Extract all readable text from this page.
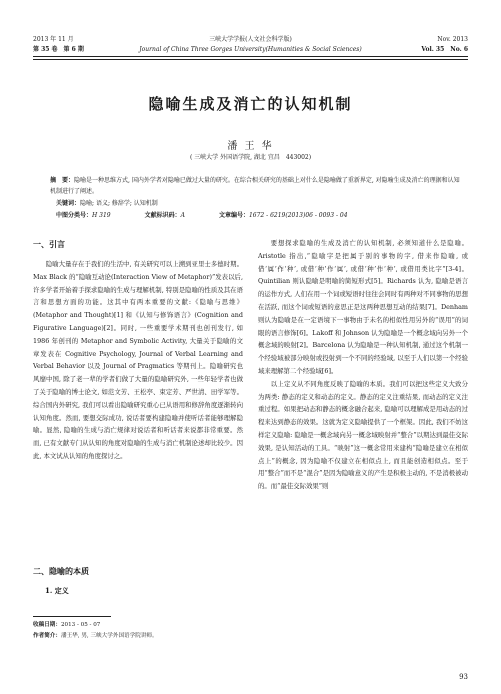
2013 年 11 月
第 35 卷　第 6 期
三峡大学学报(人文社会科学版)
Journal of China Three Gorges University(Humanities & Social Sciences)
Nov. 2013
Vol. 35　No. 6
隐喻生成及消亡的认知机制
潘 王 华
( 三峡大学 外国语学院, 湖北 宜昌　443002)
摘　要：隐喻是一种思维方式, 国内外学者对隐喻已做过大量的研究。在综合相关研究的基础上对什么是隐喻做了重新界定, 对隐喻生成及消亡的理据和认知机制进行了阐述。
关键词：隐喻; 语义; 修辞学; 认知机制
中图分类号：H 319	文献标识码：A	文章编号：1672 - 6219(2013)06 - 0093 - 04
一、引言

隐喻大量存在于我们的生活中, 有关研究可以上溯到亚里士多德时期。Max Black 的“隐喻互动论(Interaction View of Metaphor)”发表以后, 许多学者开始着手探求隐喻的生成与理解机制, 特别是隐喻的性质及其在语言和思想方面的功能。这其中有两本重要的文献:《隐喻与思维》(Metaphor and Thought)[1] 和《认知与修饰语言》(Cognition and Figurative Language)[2]。同时, 一些重要学术期刊也创刊发行, 如 1986 年创刊的 Metaphor and Symbolic Activity, 大量关于隐喻的文章发表在 Cognitive Psychology, Journal of Verbal Learning and Verbal Behavior 以及 Journal of Pragmatics 等期刊上。隐喻研究也风靡中国, 除了老一辈的学者们做了大量的隐喻研究外, 一些年轻学者也做了关于隐喻的博士论文, 如范文芳、王松亭、束定芳、严世清、田学军等。综合国内外研究, 我们可以看出隐喻研究重心已从语用和修辞角度逐渐转向认知角度。然而, 要想交际成功, 说话者要构建隐喻并使听话者能够理解隐喻。显然, 隐喻的生成与消亡规律对说话者和听话者来说都非常重要。然而, 已有文献专门从认知的角度对隐喻的生成与消亡机制论述却比较少。因此, 本文试从认知的角度探讨之。

二、隐喻的本质
1. 定义
收稿日期：2013 - 05 - 07
作者简介：潘王华, 男, 三峡大学外国语学院讲师。

要想探求隐喻的生成及消亡的认知机制, 必须知道什么是隐喻。Aristotle 指出,“隐喻字是把属于别的事物的字, 借来作隐喻, 或借‘属’作‘种’, 或借‘种’作‘属’, 或借‘种’作‘种’, 或借用类比字”[3-4]。Quintilian 则认隐喻是明喻的简短形式[5]。Richards 认为, 隐喻是语言的运作方式, 人们在用一个词或短语时往往会同时有两种对不同事物的思想在活跃, 而这个词或短语的意思正是这两种思想互动的结果[7]。Denham 则认为隐喻是在一定语境下一事物由于未名的相似性用另外的“误用”的词眼的语言修饰[6]。Lakoff 和 Johnson 认为隐喻是一个概念域向另外一个概念域的映射[2]。Barcelona 认为隐喻是一种认知机制, 通过这个机制一个经验域被部分映射或投射到一个不同的经验域, 以至于人们以第一个经验域来理解第二个经验域[6]。

以上定义从不同角度反映了隐喻的本质。我们可以把这些定义大致分为两类: 静态的定义和动态的定义。静态的定义注重结果, 而动态的定义注重过程。如果把动态和静态的概念融合起来, 隐喻可以理解成是用动态的过程来达到静态的效果。这就为定义隐喻提供了一个框架。因此, 我们不妨这样定义隐喻: 隐喻是一概念域向另一概念域映射并“整合”以期达到最佳交际效果, 是认知活动的工具。“映射”这一概念常用来建构“隐喻是建立在相似点上”的概念, 因为隐喻不仅建立在相似点上, 而且能创造相似点。至于用“整合”而不是“混合”是因为隐喻意义的产生是积极主动的, 不是消极被动的。而“最佳交际效果”则

93
